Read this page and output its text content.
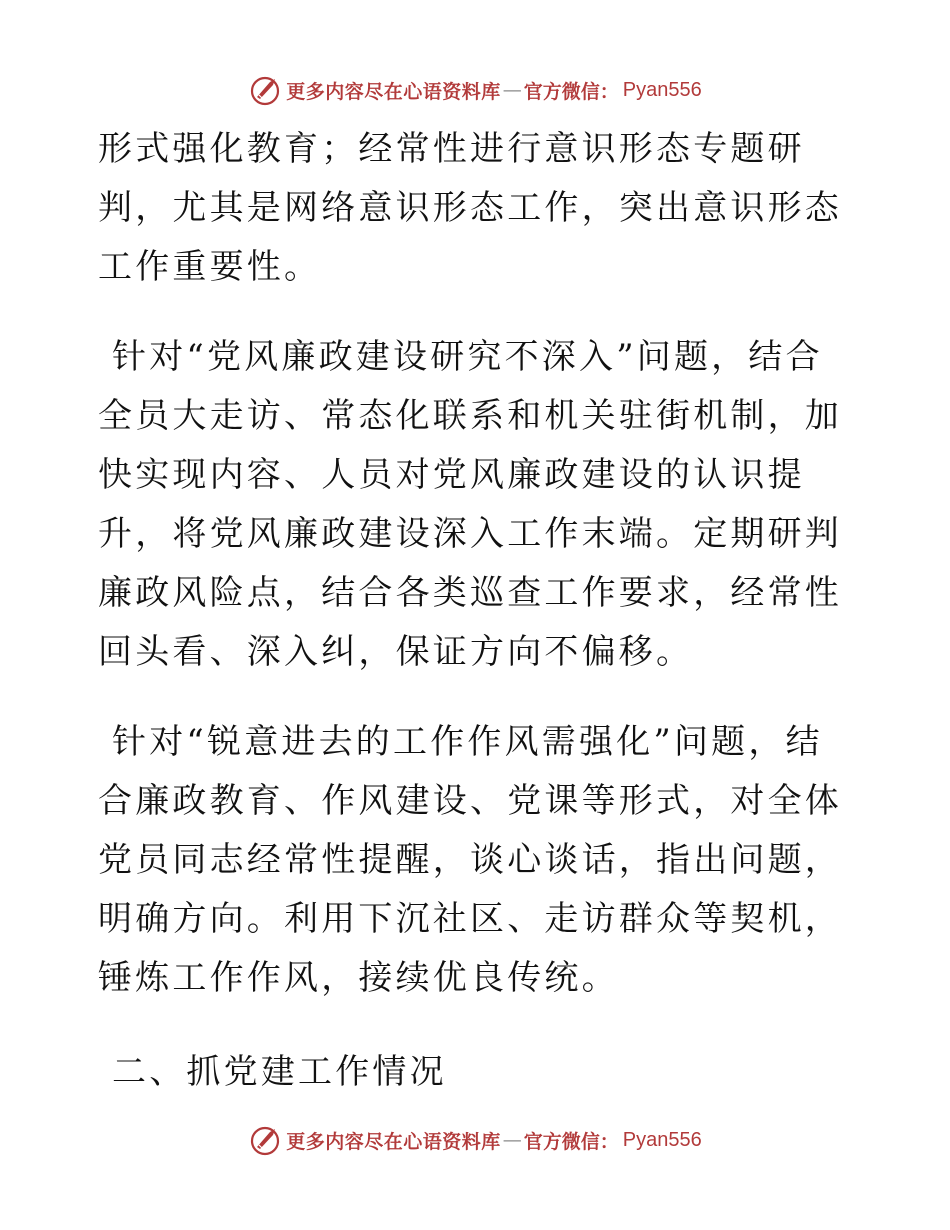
更多内容尽在心语资料库 — 官方微信： Pyan556

形式强化教育；经常性进行意识形态专题研判，尤其是网络意识形态工作，突出意识形态工作重要性。

针对“党风廉政建设研究不深入”问题，结合全员大走访、常态化联系和机关驻街机制，加快实现内容、人员对党风廉政建设的认识提升，将党风廉政建设深入工作末端。定期研判廉政风险点，结合各类巡查工作要求，经常性回头看、深入纠，保证方向不偏移。

针对“锐意进去的工作作风需强化”问题，结合廉政教育、作风建设、党课等形式，对全体党员同志经常性提醒，谈心谈话，指出问题，明确方向。利用下沉社区、走访群众等契机，锤炼工作作风，接续优良传统。

二、抓党建工作情况

更多内容尽在心语资料库 — 官方微信： Pyan556
